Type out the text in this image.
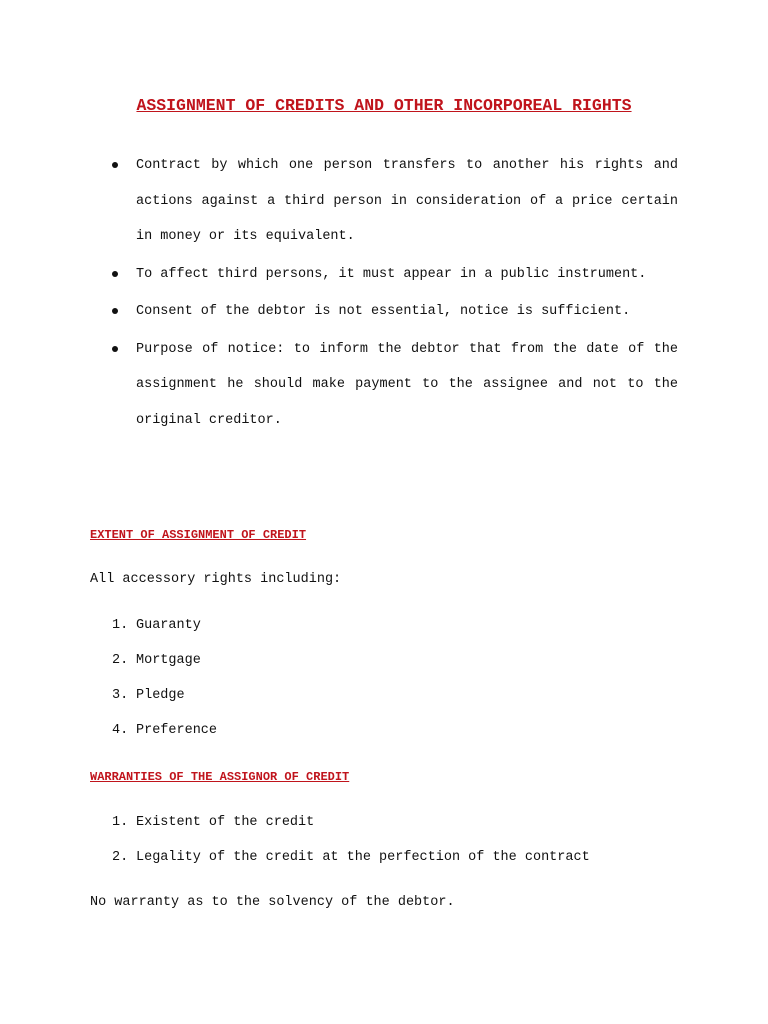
ASSIGNMENT OF CREDITS AND OTHER INCORPOREAL RIGHTS
Contract by which one person transfers to another his rights and actions against a third person in consideration of a price certain in money or its equivalent.
To affect third persons, it must appear in a public instrument.
Consent of the debtor is not essential, notice is sufficient.
Purpose of notice: to inform the debtor that from the date of the assignment he should make payment to the assignee and not to the original creditor.
EXTENT OF ASSIGNMENT OF CREDIT
All accessory rights including:
1. Guaranty
2. Mortgage
3. Pledge
4. Preference
WARRANTIES OF THE ASSIGNOR OF CREDIT
1. Existent of the credit
2. Legality of the credit at the perfection of the contract
No warranty as to the solvency of the debtor.
